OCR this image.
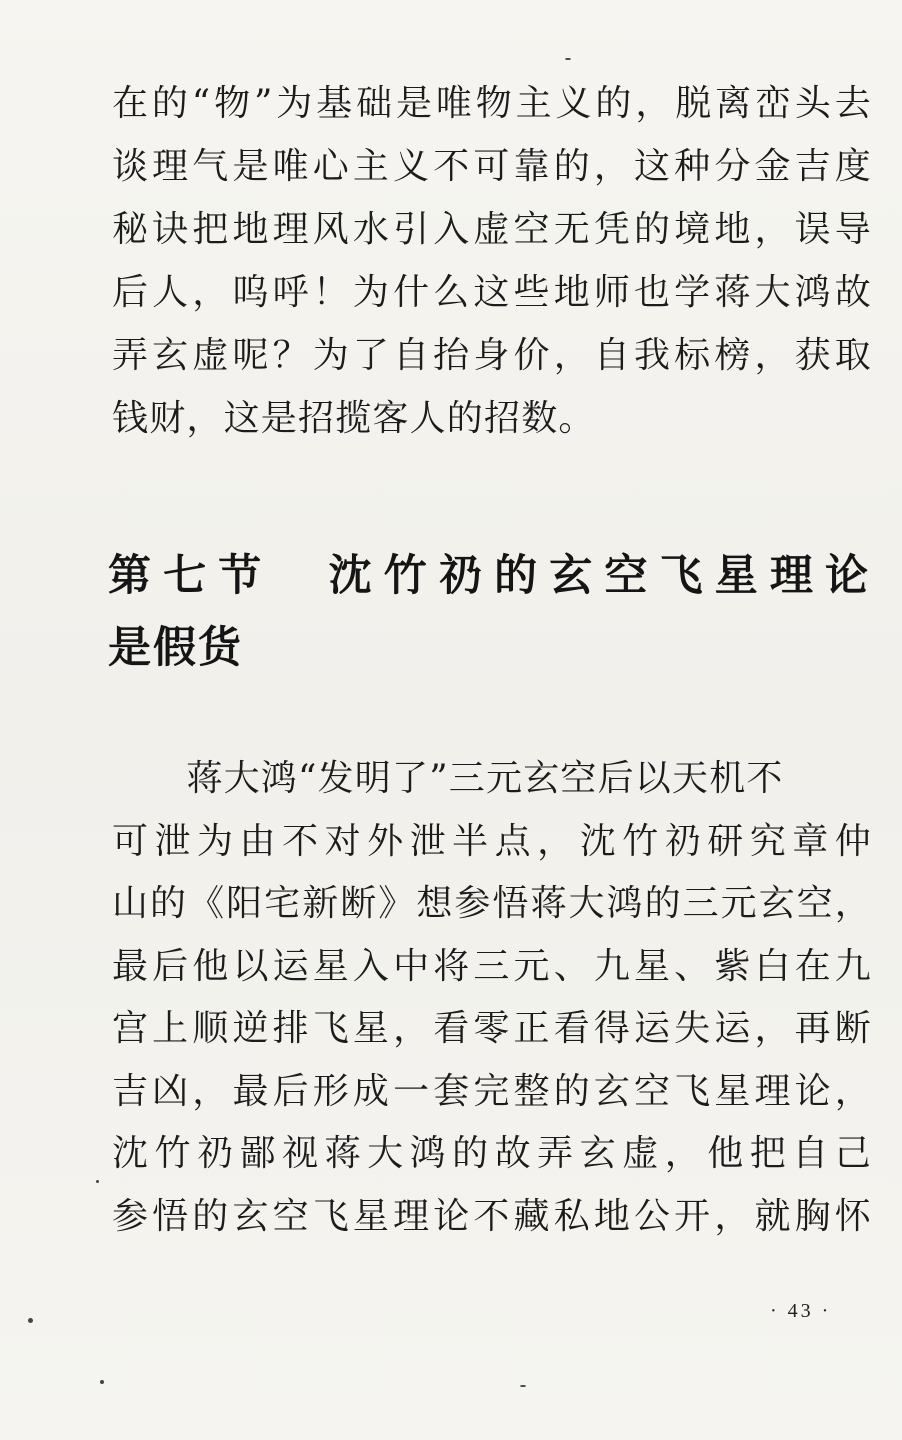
在的“物”为基础是唯物主义的，脱离峦头去
谈理气是唯心主义不可靠的，这种分金吉度
秘诀把地理风水引入虚空无凭的境地，误导
后人，呜呼！为什么这些地师也学蒋大鸿故
弄玄虚呢？为了自抬身价，自我标榜，获取
钱财，这是招揽客人的招数。
第七节　沈竹礽的玄空飞星理论
是假货
　　蒋大鸿“发明了”三元玄空后以天机不
可泄为由不对外泄半点，沈竹礽研究章仲
山的《阳宅新断》想参悟蒋大鸿的三元玄空，
最后他以运星入中将三元、九星、紫白在九
宫上顺逆排飞星，看零正看得运失运，再断
吉凶，最后形成一套完整的玄空飞星理论，
沈竹礽鄙视蒋大鸿的故弄玄虚，他把自己
参悟的玄空飞星理论不藏私地公开，就胸怀
· 43 ·
